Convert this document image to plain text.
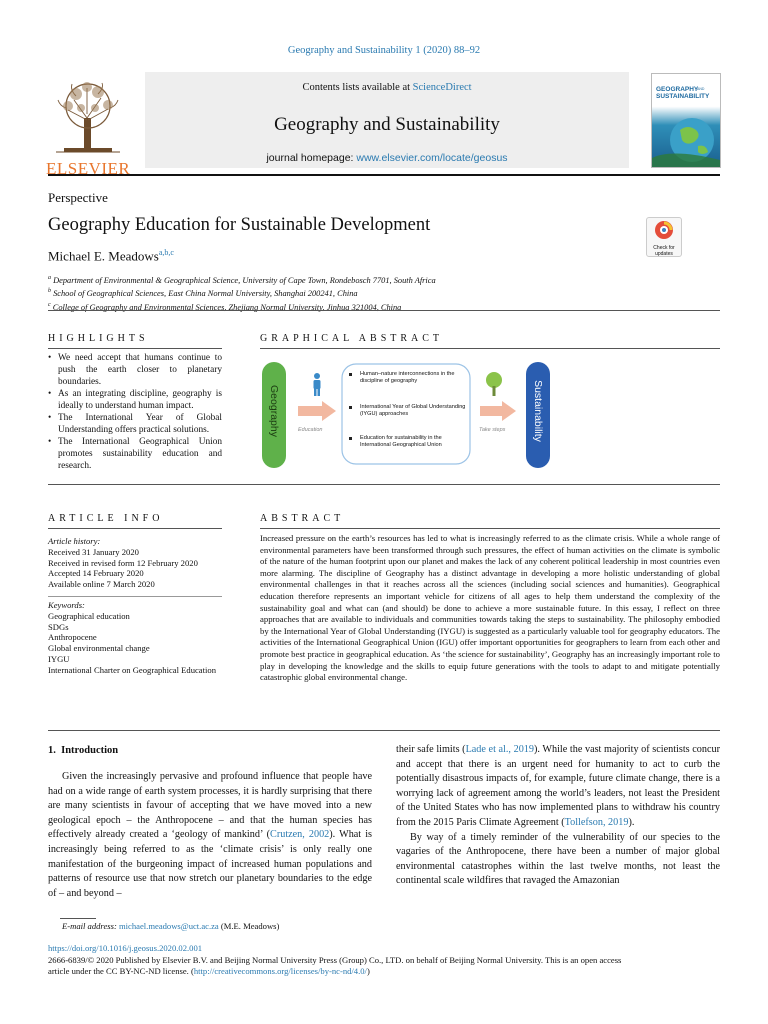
Geography and Sustainability 1 (2020) 88–92
ELSEVIER
Contents lists available at ScienceDirect
Geography and Sustainability
journal homepage: www.elsevier.com/locate/geosus
GEOGRAPHY
AND
SUSTAINABILITY
Perspective
Geography Education for Sustainable Development
Michael E. Meadows$^{a,b,c}$	Check for updates
$^a$ Department of Environmental & Geographical Science, University of Cape Town, Rondebosch 7701, South Africa
$^b$ School of Geographical Sciences, East China Normal University, Shanghai 200241, China
$^c$ College of Geography and Environmental Sciences, Zhejiang Normal University, Jinhua 321004, China
HIGHLIGHTS
• We need accept that humans continue to push the earth closer to planetary boundaries.
• As an integrating discipline, geography is ideally to understand human impact.
• The International Year of Global Understanding offers practical solutions.
• The International Geographical Union promotes sustainability education and research.
GRAPHICAL ABSTRACT
Geography	Sustainability
Education	Take steps
Human–nature interconnections in the discipline of geography
International Year of Global Understanding (IYGU) approaches
Education for sustainability in the International Geographical Union
ARTICLE INFO
Article history:
Received 31 January 2020
Received in revised form 12 February 2020
Accepted 14 February 2020
Available online 7 March 2020
Keywords:
Geographical education
SDGs
Anthropocene
Global environmental change
IYGU
International Charter on Geographical Education
ABSTRACT
Increased pressure on the earth’s resources has led to what is increasingly referred to as the climate crisis. While a whole range of environmental parameters have been transformed through such pressures, the effect of human activities on the climate is symbolic of the nature of the human footprint upon our planet and makes the lack of any coherent political leadership in most countries even more alarming. The discipline of Geography has a distinct advantage in developing a more holistic understanding of global environmental challenges in that it reaches across all the sciences (including social sciences and humanities). Geographical education therefore represents an important vehicle for citizens of all ages to help them understand the complexity of the sustainability goal and what can (and should) be done to achieve a more sustainable future. In this essay, I reflect on three approaches that are available to individuals and communities towards taking the steps to sustainability. The philosophy embodied by the International Year of Global Understanding (IYGU) is suggested as a particularly valuable tool for geography educators. The activities of the International Geographical Union (IGU) offer important opportunities for geographers to learn from each other and promote best practice in geographical education. As ‘the science for sustainability’, Geography has an increasingly important role to play in developing the knowledge and the skills to equip future generations with the tools to adapt to and mitigate potentially catastrophic global environmental change.
1.  Introduction
Given the increasingly pervasive and profound influence that people have had on a wide range of earth system processes, it is hardly surprising that there are many scientists in favour of accepting that we have moved into a new geological epoch – the Anthropocene – and that the human species has effectively already created a ‘geology of mankind’ (Crutzen, 2002). What is increasingly being referred to as the ‘climate crisis’ is only really one manifestation of the burgeoning impact of increased human populations and patterns of resource use that now stretch our planetary boundaries to the edge of – and beyond –
their safe limits (Lade et al., 2019). While the vast majority of scientists concur and accept that there is an urgent need for humanity to act to curb the potentially disastrous impacts of, for example, future climate change, there is a worrying lack of agreement among the world’s leaders, not least the President of the United States who has now implemented plans to withdraw his country from the 2015 Paris Climate Agreement (Tollefson, 2019).
By way of a timely reminder of the vulnerability of our species to the vagaries of the Anthropocene, there have been a number of major global environmental catastrophes within the last twelve months, not least the continental scale wildfires that ravaged the Amazonian
E-mail address: michael.meadows@uct.ac.za (M.E. Meadows)
https://doi.org/10.1016/j.geosus.2020.02.001
2666-6839/© 2020 Published by Elsevier B.V. and Beijing Normal University Press (Group) Co., LTD. on behalf of Beijing Normal University. This is an open access
article under the CC BY-NC-ND license. (http://creativecommons.org/licenses/by-nc-nd/4.0/)
